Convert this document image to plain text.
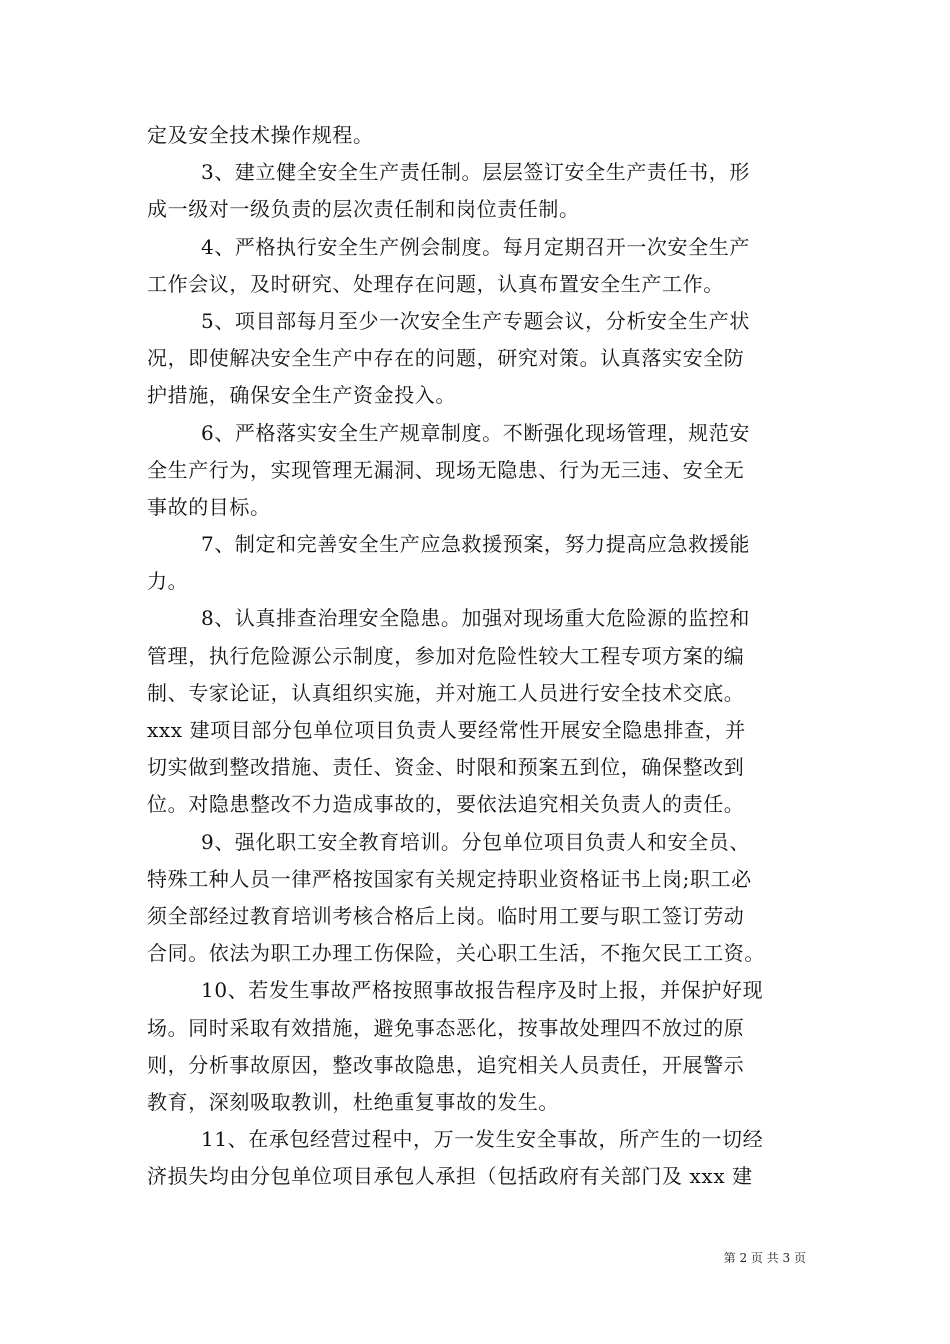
定及安全技术操作规程。
3、建立健全安全生产责任制。层层签订安全生产责任书，形
成一级对一级负责的层次责任制和岗位责任制。
4、严格执行安全生产例会制度。每月定期召开一次安全生产
工作会议，及时研究、处理存在问题，认真布置安全生产工作。
5、项目部每月至少一次安全生产专题会议，分析安全生产状
况，即使解决安全生产中存在的问题，研究对策。认真落实安全防
护措施，确保安全生产资金投入。
6、严格落实安全生产规章制度。不断强化现场管理，规范安
全生产行为，实现管理无漏洞、现场无隐患、行为无三违、安全无
事故的目标。
7、制定和完善安全生产应急救援预案，努力提高应急救援能
力。
8、认真排查治理安全隐患。加强对现场重大危险源的监控和
管理，执行危险源公示制度，参加对危险性较大工程专项方案的编
制、专家论证，认真组织实施，并对施工人员进行安全技术交底。
xxx 建项目部分包单位项目负责人要经常性开展安全隐患排查，并
切实做到整改措施、责任、资金、时限和预案五到位，确保整改到
位。对隐患整改不力造成事故的，要依法追究相关负责人的责任。
9、强化职工安全教育培训。分包单位项目负责人和安全员、
特殊工种人员一律严格按国家有关规定持职业资格证书上岗;职工必
须全部经过教育培训考核合格后上岗。临时用工要与职工签订劳动
合同。依法为职工办理工伤保险，关心职工生活，不拖欠民工工资。
10、若发生事故严格按照事故报告程序及时上报，并保护好现
场。同时采取有效措施，避免事态恶化，按事故处理四不放过的原
则，分析事故原因，整改事故隐患，追究相关人员责任，开展警示
教育，深刻吸取教训，杜绝重复事故的发生。
11、在承包经营过程中，万一发生安全事故，所产生的一切经
济损失均由分包单位项目承包人承担（包括政府有关部门及 xxx 建
第 2 页 共 3 页
